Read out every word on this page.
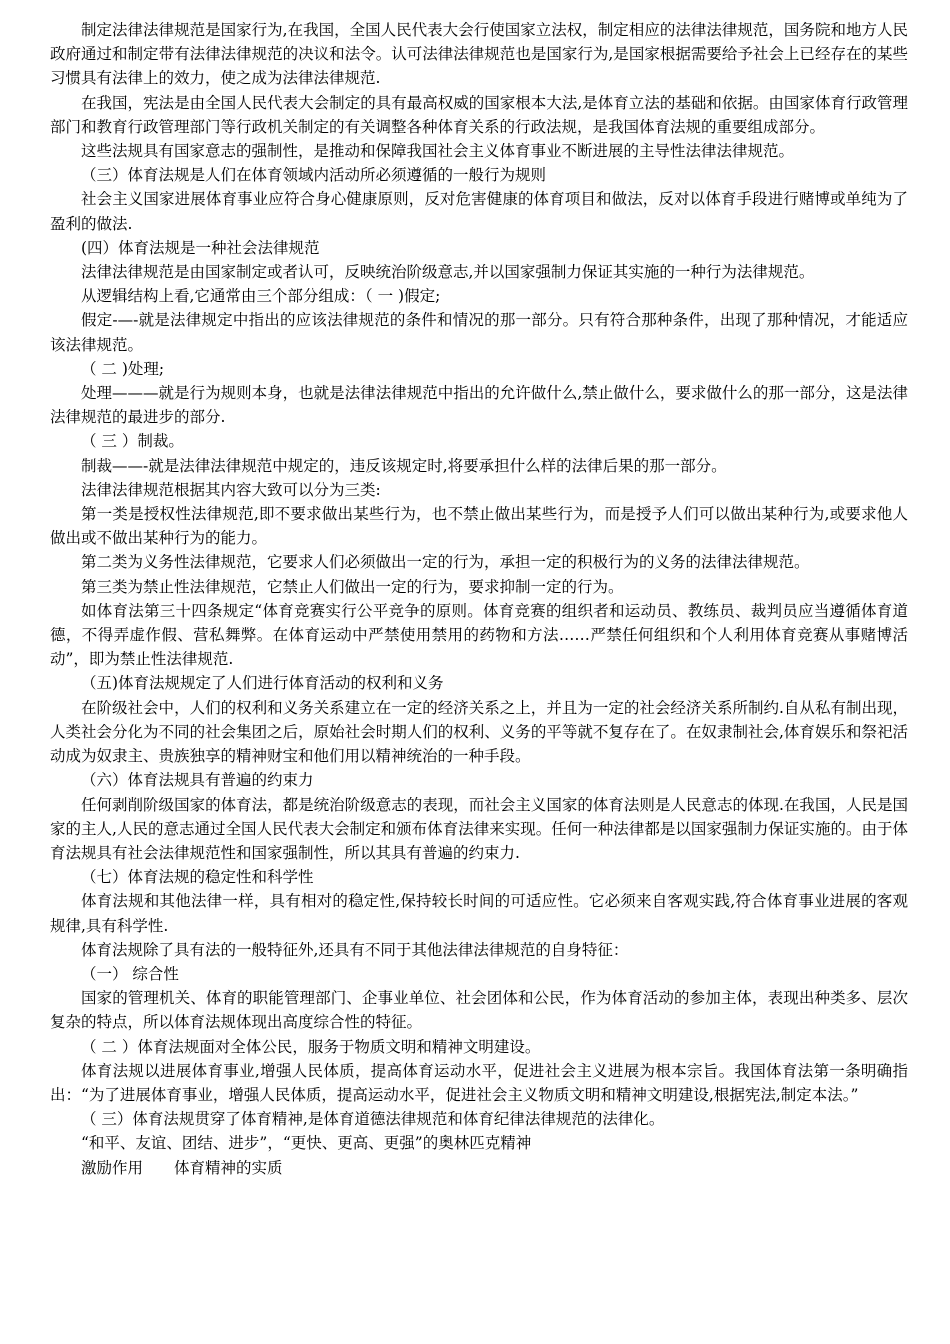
制定法律法律规范是国家行为,在我国，全国人民代表大会行使国家立法权，制定相应的法律法律规范，国务院和地方人民政府通过和制定带有法律法律规范的决议和法令。认可法律法律规范也是国家行为,是国家根据需要给予社会上已经存在的某些习惯具有法律上的效力，使之成为法律法律规范.

在我国，宪法是由全国人民代表大会制定的具有最高权威的国家根本大法,是体育立法的基础和依据。由国家体育行政管理部门和教育行政管理部门等行政机关制定的有关调整各种体育关系的行政法规，是我国体育法规的重要组成部分。

这些法规具有国家意志的强制性，是推动和保障我国社会主义体育事业不断进展的主导性法律法律规范。

（三）体育法规是人们在体育领域内活动所必须遵循的一般行为规则

社会主义国家进展体育事业应符合身心健康原则，反对危害健康的体育项目和做法，反对以体育手段进行赌博或单纯为了盈利的做法.

(四）体育法规是一种社会法律规范

法律法律规范是由国家制定或者认可，反映统治阶级意志,并以国家强制力保证其实施的一种行为法律规范。

从逻辑结构上看,它通常由三个部分组成：（ 一 )假定;

假定-—-就是法律规定中指出的应该法律规范的条件和情况的那一部分。只有符合那种条件，出现了那种情况，才能适应该法律规范。

（ 二 )处理;

处理———就是行为规则本身，也就是法律法律规范中指出的允许做什么,禁止做什么，要求做什么的那一部分，这是法律法律规范的最进步的部分.

（ 三 ）制裁。

制裁——-就是法律法律规范中规定的，违反该规定时,将要承担什么样的法律后果的那一部分。

法律法律规范根据其内容大致可以分为三类:

第一类是授权性法律规范,即不要求做出某些行为，也不禁止做出某些行为，而是授予人们可以做出某种行为,或要求他人做出或不做出某种行为的能力。

第二类为义务性法律规范，它要求人们必须做出一定的行为，承担一定的积极行为的义务的法律法律规范。

第三类为禁止性法律规范，它禁止人们做出一定的行为，要求抑制一定的行为。

如体育法第三十四条规定“体育竞赛实行公平竞争的原则。体育竞赛的组织者和运动员、教练员、裁判员应当遵循体育道德，不得弄虚作假、营私舞弊。在体育运动中严禁使用禁用的药物和方法……严禁任何组织和个人利用体育竞赛从事赌博活动”，即为禁止性法律规范.

（五)体育法规规定了人们进行体育活动的权利和义务

在阶级社会中，人们的权利和义务关系建立在一定的经济关系之上，并且为一定的社会经济关系所制约.自从私有制出现，人类社会分化为不同的社会集团之后，原始社会时期人们的权利、义务的平等就不复存在了。在奴隶制社会,体育娱乐和祭祀活动成为奴隶主、贵族独享的精神财宝和他们用以精神统治的一种手段。

（六）体育法规具有普遍的约束力

任何剥削阶级国家的体育法，都是统治阶级意志的表现，而社会主义国家的体育法则是人民意志的体现.在我国，人民是国家的主人,人民的意志通过全国人民代表大会制定和颁布体育法律来实现。任何一种法律都是以国家强制力保证实施的。由于体育法规具有社会法律规范性和国家强制性，所以其具有普遍的约束力.

（七）体育法规的稳定性和科学性

体育法规和其他法律一样，具有相对的稳定性,保持较长时间的可适应性。它必须来自客观实践,符合体育事业进展的客观规律,具有科学性.

体育法规除了具有法的一般特征外,还具有不同于其他法律法律规范的自身特征：

（一） 综合性

国家的管理机关、体育的职能管理部门、企事业单位、社会团体和公民，作为体育活动的参加主体，表现出种类多、层次复杂的特点，所以体育法规体现出高度综合性的特征。

（ 二 ）体育法规面对全体公民，服务于物质文明和精神文明建设。

体育法规以进展体育事业,增强人民体质，提高体育运动水平，促进社会主义进展为根本宗旨。我国体育法第一条明确指出：“为了进展体育事业，增强人民体质，提高运动水平，促进社会主义物质文明和精神文明建设,根据宪法,制定本法。”

（ 三）体育法规贯穿了体育精神,是体育道德法律规范和体育纪律法律规范的法律化。

“和平、友谊、团结、进步”，“更快、更高、更强”的奥林匹克精神

激励作用　　体育精神的实质
